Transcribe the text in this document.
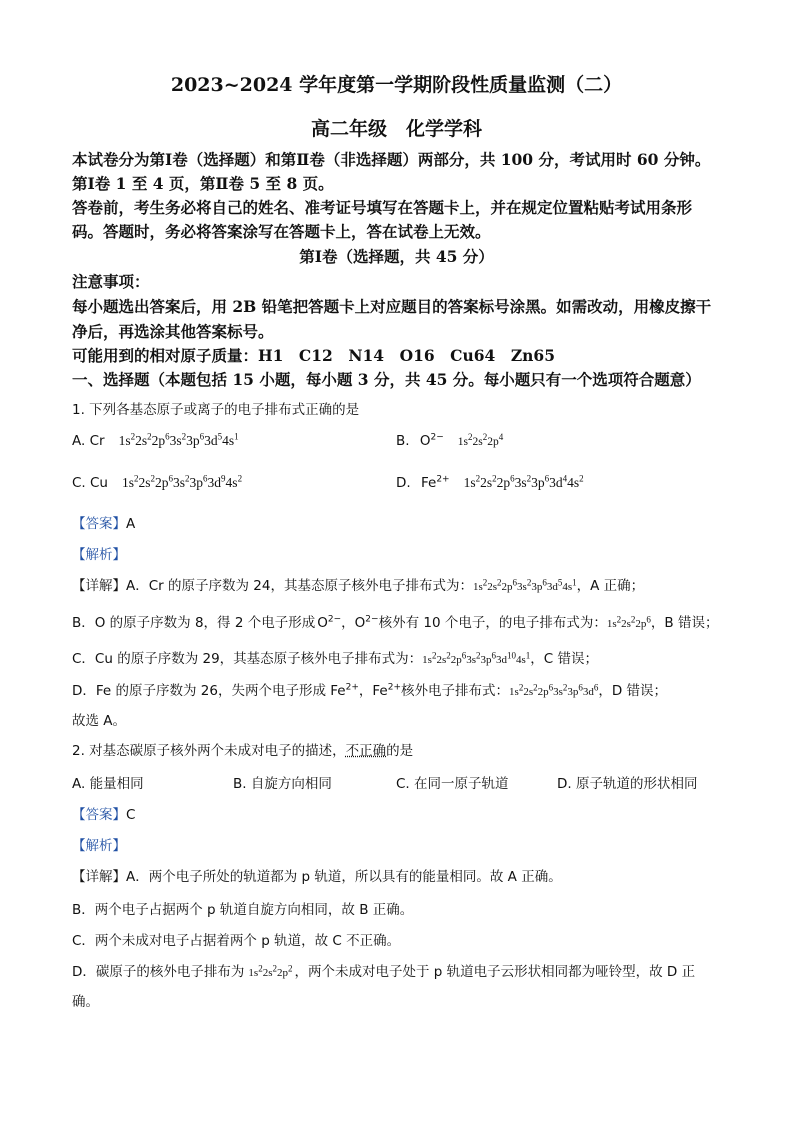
2023~2024 学年度第一学期阶段性质量监测（二）
高二年级　化学学科
本试卷分为第Ⅰ卷（选择题）和第Ⅱ卷（非选择题）两部分，共 100 分，考试用时 60 分钟。
第Ⅰ卷 1 至 4 页，第Ⅱ卷 5 至 8 页。
答卷前，考生务必将自己的姓名、准考证号填写在答题卡上，并在规定位置粘贴考试用条形
码。答题时，务必将答案涂写在答题卡上，答在试卷上无效。
第Ⅰ卷（选择题，共 45 分）
注意事项：
每小题选出答案后，用 2B 铅笔把答题卡上对应题目的答案标号涂黑。如需改动，用橡皮擦干
净后，再选涂其他答案标号。
可能用到的相对原子质量：H1　C12　N14　O16　Cu64　Zn65
一、选择题（本题包括 15 小题，每小题 3 分，共 45 分。每小题只有一个选项符合题意）
1. 下列各基态原子或离子的电子排布式正确的是
A. Cr $1s^22s^22p^63s^23p^63d^54s^1$	B. $O^{2-}$ $1s^22s^22p^4$
C. Cu $1s^22s^22p^63s^23p^63d^94s^2$	D. $Fe^{2+}$ $1s^22s^22p^63s^23p^63d^44s^2$
【答案】A
【解析】
【详解】A．Cr 的原子序数为 24，其基态原子核外电子排布式为：$1s^22s^22p^63s^23p^63d^54s^1$，A 正确；
B．O 的原子序数为 8，得 2 个电子形成 $O^{2-}$，$O^{2-}$核外有 10 个电子，的电子排布式为：$1s^22s^22p^6$，B 错误；
C．Cu 的原子序数为 29，其基态原子核外电子排布式为：$1s^22s^22p^63s^23p^63d^{10}4s^1$，C 错误；
D．Fe 的原子序数为 26，失两个电子形成 $Fe^{2+}$，$Fe^{2+}$核外电子排布式：$1s^22s^22p^63s^23p^63d^6$，D 错误；
故选 A。
2. 对基态碳原子核外两个未成对电子的描述，不正确的是
A. 能量相同	B. 自旋方向相同	C. 在同一原子轨道	D. 原子轨道的形状相同
【答案】C
【解析】
【详解】A．两个电子所处的轨道都为 p 轨道，所以具有的能量相同。故 A 正确。
B．两个电子占据两个 p 轨道自旋方向相同，故 B 正确。
C．两个未成对电子占据着两个 p 轨道，故 C 不正确。
D．碳原子的核外电子排布为 $1s^22s^22p^2$ ，两个未成对电子处于 p 轨道电子云形状相同都为哑铃型，故 D 正
确。
